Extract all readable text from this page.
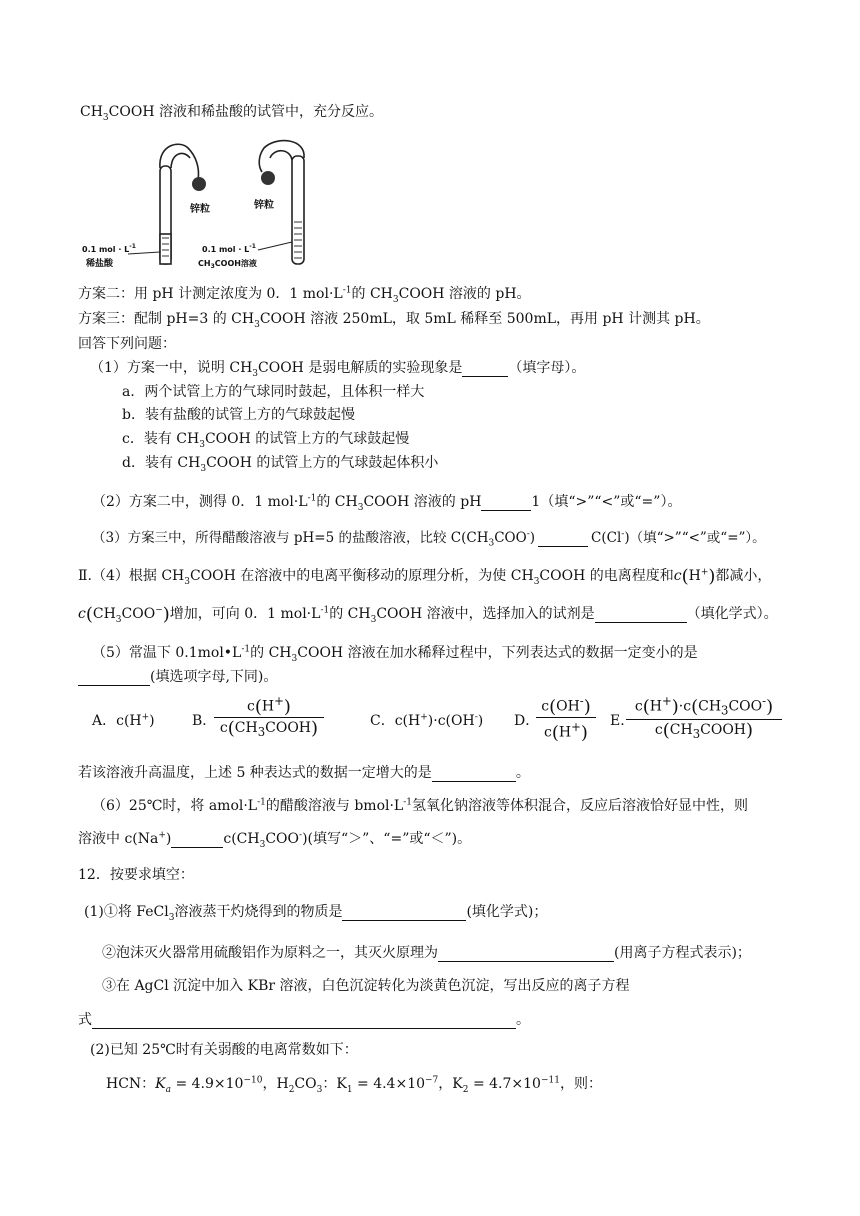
$CH_3COOH$ 溶液和稀盐酸的试管中，充分反应。
锌粒
0.1 mol · $L^{-1}$
稀盐酸
锌粒
0.1 mol · $L^{-1}$
$CH_3COOH$溶液
方案二：用 pH 计测定浓度为 0．1 $mol\cdot L^{-1}$的 $CH_3COOH$ 溶液的 pH。
方案三：配制 pH=3 的 $CH_3COOH$ 溶液 250mL，取 5mL 稀释至 500mL，再用 pH 计测其 pH。
回答下列问题：
（1）方案一中，说明 $CH_3COOH$ 是弱电解质的实验现象是	（填字母）。
a．两个试管上方的气球同时鼓起，且体积一样大
b．装有盐酸的试管上方的气球鼓起慢
c．装有 $CH_3COOH$ 的试管上方的气球鼓起慢
d．装有 $CH_3COOH$ 的试管上方的气球鼓起体积小
（2）方案二中，测得 0．1 $mol\cdot L^{-1}$的 $CH_3COOH$ 溶液的 pH	1（填“>”“<”或“=”）。
（3）方案三中，所得醋酸溶液与 pH=5 的盐酸溶液，比较 $C(CH_3COO^-)$	C(Cl-)（填“>”“<”或“=”）。
Ⅱ.（4）根据 $CH_3COOH$ 在溶液中的电离平衡移动的原理分析，为使 $CH_3COOH$ 的电离程度和c(H+)都减小，
$c(CH_3COO^-)$增加，可向 0．1 $mol\cdot L^{-1}$的 $CH_3COOH$ 溶液中，选择加入的试剂是	（填化学式）。
（5）常温下 $0.1mol•L^{-1}$的 $CH_3COOH$ 溶液在加水稀释过程中，下列表达式的数据一定变小的是
(填选项字母,下同)。
A．c(H+)	B．
c(H+)
$c(CH_3COOH)$	C．c(H+)·c(OH-) D．
$\frac{c(OH^-)}{c(H^+)} E$.
$c(H^+)\cdot c(CH_3COO^-)$
$c(CH_3COOH)$
若该溶液升高温度，上述 5 种表达式的数据一定增大的是	。
（6）25℃时，将 $amol\cdot L^{-1}$的醋酸溶液与 $bmol\cdot L^{-1}$氢氧化钠溶液等体积混合，反应后溶液恰好显中性，则
溶液中 c(Na+)	$c(CH_3COO^-)$(填写“＞”、“=”或“＜”)。
12．按要求填空：
(1)①将 FeCl$_3$溶液蒸干灼烧得到的物质是	(填化学式)；
②泡沫灭火器常用硫酸铝作为原料之一，其灭火原理为	(用离子方程式表示)；
③在 AgCl 沉淀中加入 KBr 溶液，白色沉淀转化为淡黄色沉淀，写出反应的离子方程
式	。
(2)已知 25℃时有关弱酸的电离常数如下：
HCN：$K_a = 4.9\times 10^{-10}$，$H_2CO_3$：$K_1 = 4.4\times 10^{-7}$，$K_2 = 4.7\times 10^{-11}$，则：
